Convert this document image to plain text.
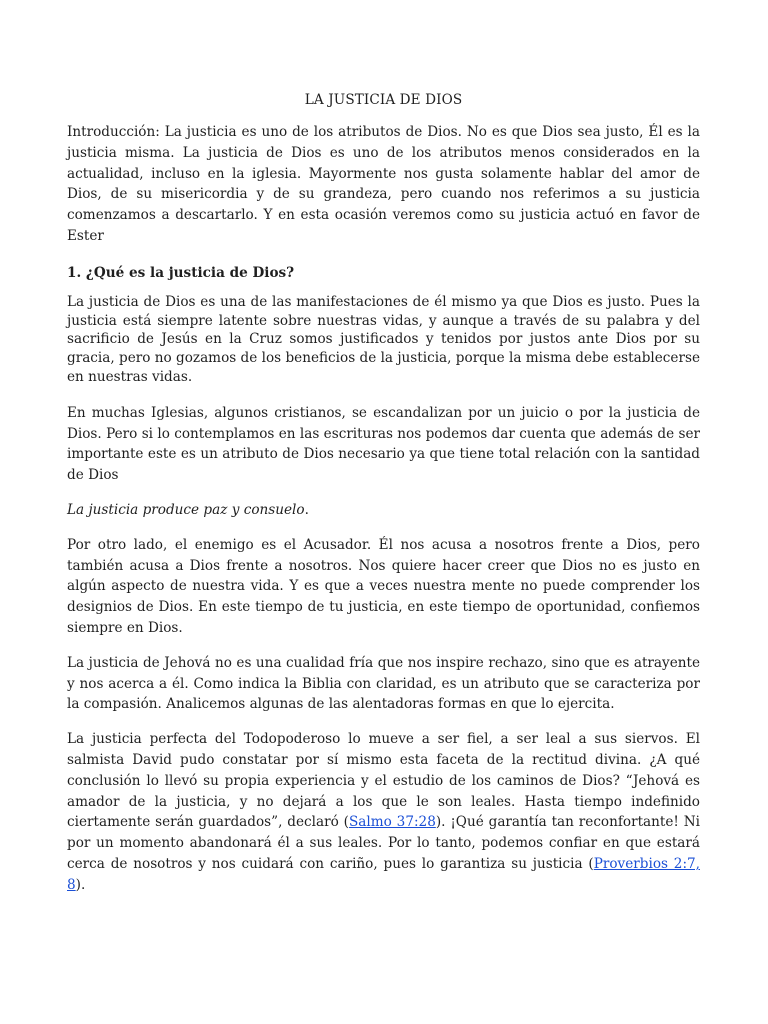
LA JUSTICIA DE DIOS

Introducción: La justicia es uno de los atributos de Dios. No es que Dios sea justo, Él es la justicia misma. La justicia de Dios es uno de los atributos menos considerados en la actualidad, incluso en la iglesia. Mayormente nos gusta solamente hablar del amor de Dios, de su misericordia y de su grandeza, pero cuando nos referimos a su justicia comenzamos a descartarlo. Y en esta ocasión veremos como su justicia actuó en favor de Ester

1. ¿Qué es la justicia de Dios?

La justicia de Dios es una de las manifestaciones de él mismo ya que Dios es justo. Pues la justicia está siempre latente sobre nuestras vidas, y aunque a través de su palabra y del sacrificio de Jesús en la Cruz somos justificados y tenidos por justos ante Dios por su gracia, pero no gozamos de los beneficios de la justicia, porque la misma debe establecerse en nuestras vidas.

En muchas Iglesias, algunos cristianos, se escandalizan por un juicio o por la justicia de Dios. Pero si lo contemplamos en las escrituras nos podemos dar cuenta que además de ser importante este es un atributo de Dios necesario ya que tiene total relación con la santidad de Dios

La justicia produce paz y consuelo.

Por otro lado, el enemigo es el Acusador. Él nos acusa a nosotros frente a Dios, pero también acusa a Dios frente a nosotros. Nos quiere hacer creer que Dios no es justo en algún aspecto de nuestra vida. Y es que a veces nuestra mente no puede comprender los designios de Dios. En este tiempo de tu justicia, en este tiempo de oportunidad, confiemos siempre en Dios.

La justicia de Jehová no es una cualidad fría que nos inspire rechazo, sino que es atrayente y nos acerca a él. Como indica la Biblia con claridad, es un atributo que se caracteriza por la compasión. Analicemos algunas de las alentadoras formas en que lo ejercita.

La justicia perfecta del Todopoderoso lo mueve a ser fiel, a ser leal a sus siervos. El salmista David pudo constatar por sí mismo esta faceta de la rectitud divina. ¿A qué conclusión lo llevó su propia experiencia y el estudio de los caminos de Dios? “Jehová es amador de la justicia, y no dejará a los que le son leales. Hasta tiempo indefinido ciertamente serán guardados”, declaró (Salmo 37:28). ¡Qué garantía tan reconfortante! Ni por un momento abandonará él a sus leales. Por lo tanto, podemos confiar en que estará cerca de nosotros y nos cuidará con cariño, pues lo garantiza su justicia (Proverbios 2:7, 8).
